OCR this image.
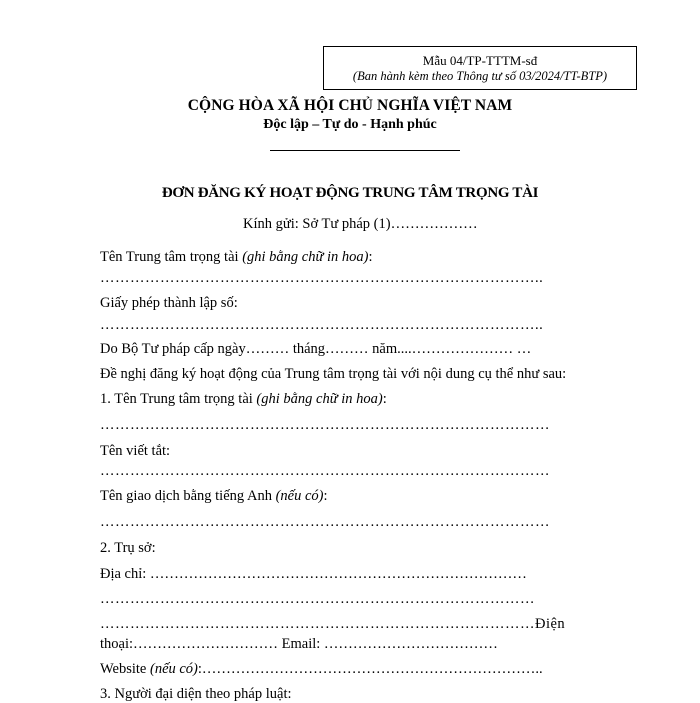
Mẫu 04/TP-TTTM-sđ
(Ban hành kèm theo Thông tư số 03/2024/TT-BTP)
CỘNG HÒA XÃ HỘI CHỦ NGHĨA VIỆT NAM
Độc lập – Tự do - Hạnh phúc
ĐƠN ĐĂNG KÝ HOẠT ĐỘNG TRUNG TÂM TRỌNG TÀI
Kính gửi: Sở Tư pháp (1)………………
Tên Trung tâm trọng tài (ghi bằng chữ in hoa):
……………………………………………………………………………..
Giấy phép thành lập số:
……………………………………………………………………………..
Do Bộ Tư pháp cấp ngày……… tháng……… năm....………………… …
Đề nghị đăng ký hoạt động của Trung tâm trọng tài với nội dung cụ thể như sau:
1. Tên Trung tâm trọng tài (ghi bằng chữ in hoa):
………………………………………………………………………………
Tên viết tắt:
………………………………………………………………………………
Tên giao dịch bằng tiếng Anh (nếu có):
………………………………………………………………………………
2. Trụ sở:
Địa chỉ: ……………………………………………………………………
……………………………………………………………………………
……………………………………………………………………………Điện
thoại:………………………… Email: ………………………………
Website (nếu có):……………………………………………………………..
3. Người đại diện theo pháp luật:
